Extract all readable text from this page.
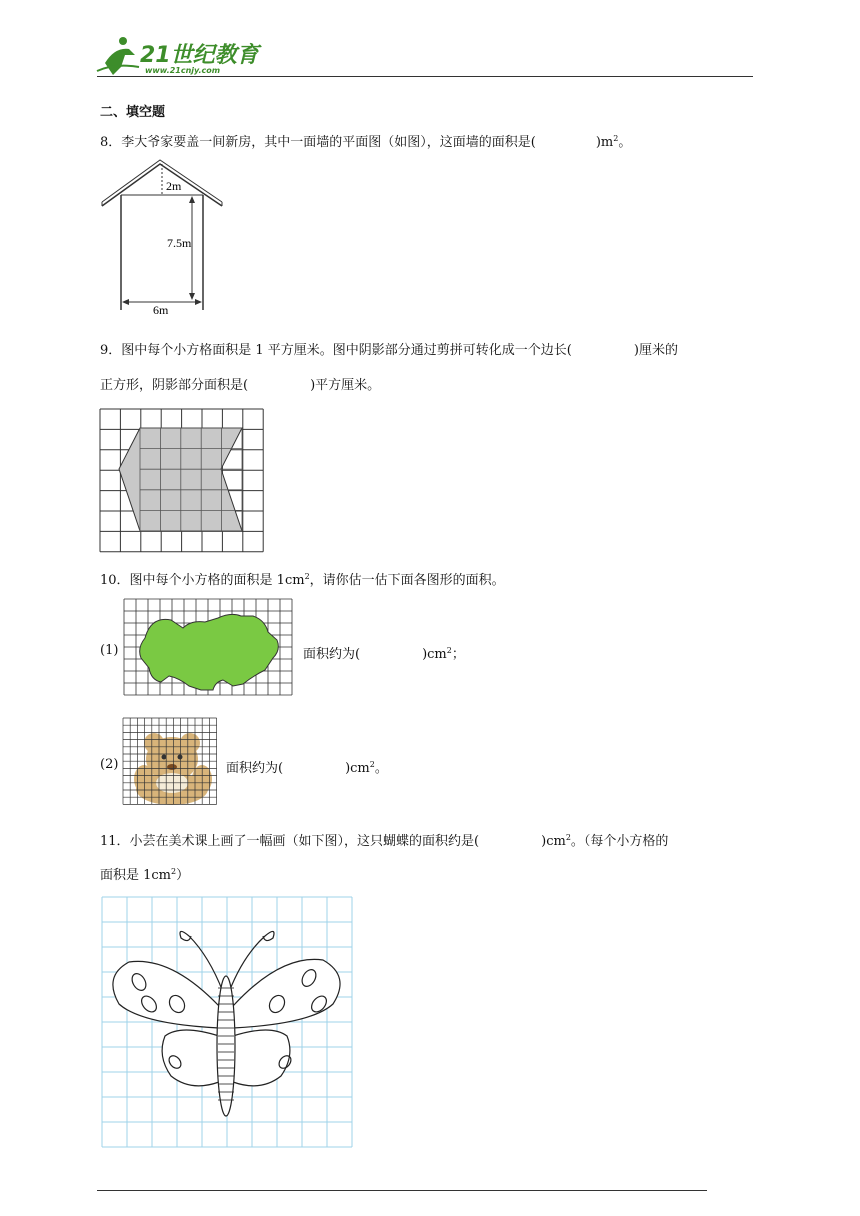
21世纪教育
www.21cnjy.com
二、填空题
8．李大爷家要盖一间新房，其中一面墙的平面图（如图），这面墙的面积是(	)$m^2$。
2m
7.5m
6m
9．图中每个小方格面积是 1 平方厘米。图中阴影部分通过剪拼可转化成一个边长(	)厘米的
正方形，阴影部分面积是(	)平方厘米。
10．图中每个小方格的面积是 $1cm^2$，请你估一估下面各图形的面积。
(1)	面积约为(	)$cm^2$；
(2)	面积约为(	)$cm^2$。
11．小芸在美术课上画了一幅画（如下图），这只蝴蝶的面积约是(	)$cm^2$。（每个小方格的
面积是 $1cm^2$）
